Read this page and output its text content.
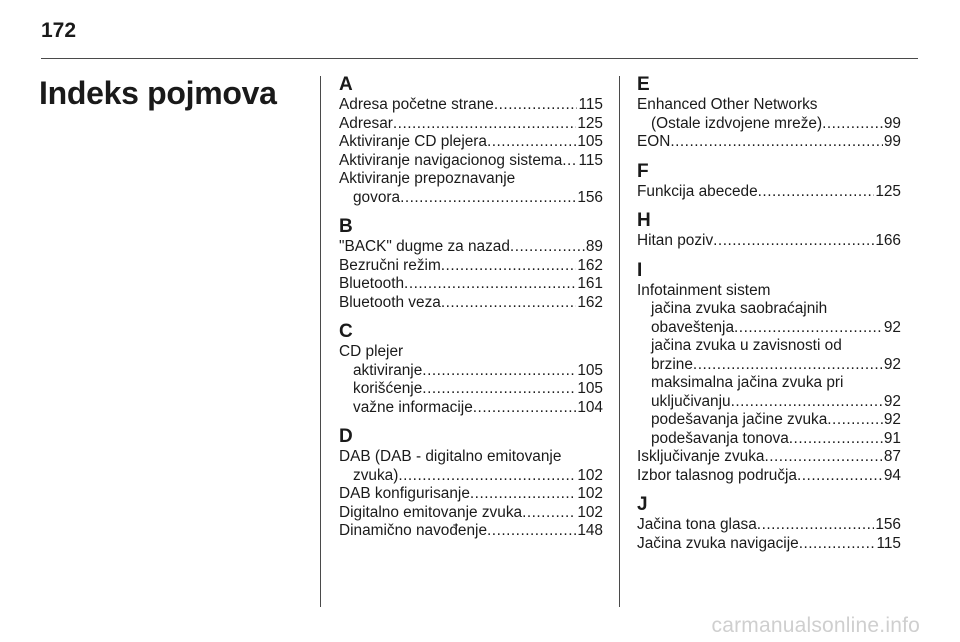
172
Indeks pojmova	A
Adresa početne strane .....	115
Adresar .....	125
Aktiviranje CD plejera .....	105
Aktiviranje navigacionog sistema ..... 115
Aktiviranje prepoznavanje
govora .....	156
B
"BACK" dugme za nazad .....	89
Bezručni režim .....	162
Bluetooth .....	161
Bluetooth veza .....	162
C
CD plejer
aktiviranje .....	105
korišćenje .....	105
važne informacije .....	104
D
DAB (DAB - digitalno emitovanje
zvuka) .....	102
DAB konfigurisanje .....	102
Digitalno emitovanje zvuka .....	102
Dinamično navođenje .....	148
E
Enhanced Other Networks
(Ostale izdvojene mreže) .....	99
EON .....	99
F
Funkcija abecede .....	125
H
Hitan poziv .....	166
I
Infotainment sistem
jačina zvuka saobraćajnih
obaveštenja .....	92
jačina zvuka u zavisnosti od
brzine .....	92
maksimalna jačina zvuka pri
uključivanju .....	92
podešavanja jačine zvuka .....	92
podešavanja tonova .....	91
Isključivanje zvuka .....	87
Izbor talasnog područja .....	94
J
Jačina tona glasa .....	156
Jačina zvuka navigacije .....	115
carmanualsonline.info
